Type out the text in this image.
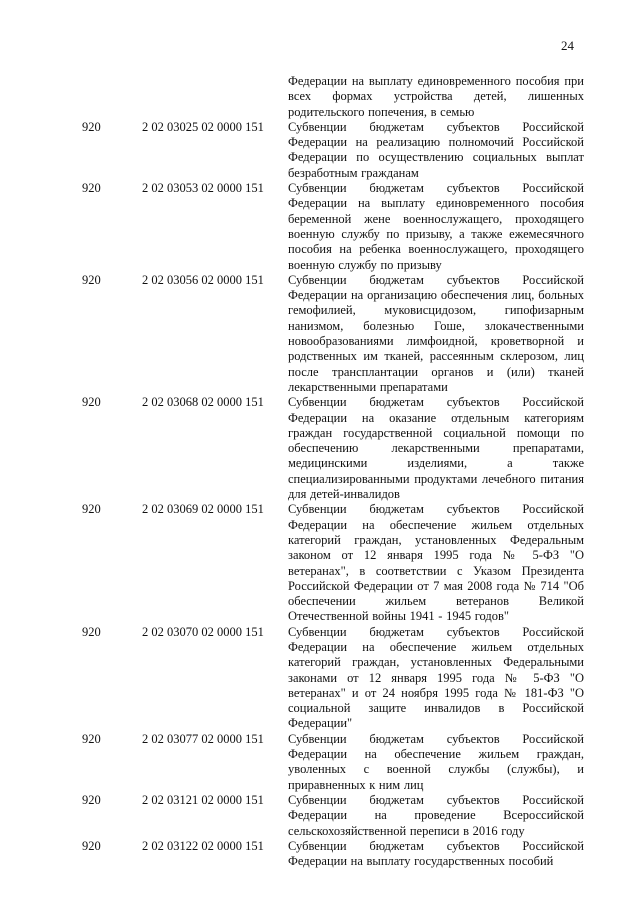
24
Федерации на выплату единовременного пособия при всех формах устройства детей, лишенных родительского попечения, в семью
920	2 02 03025 02 0000 151	Субвенции бюджетам субъектов Российской Федерации на реализацию полномочий Российской Федерации по осуществлению социальных выплат безработным гражданам
920	2 02 03053 02 0000 151	Субвенции бюджетам субъектов Российской Федерации на выплату единовременного пособия беременной жене военнослужащего, проходящего военную службу по призыву, а также ежемесячного пособия на ребенка военнослужащего, проходящего военную службу по призыву
920	2 02 03056 02 0000 151	Субвенции бюджетам субъектов Российской Федерации на организацию обеспечения лиц, больных гемофилией, муковисцидозом, гипофизарным нанизмом, болезнью Гоше, злокачественными новообразованиями лимфоидной, кроветворной и родственных им тканей, рассеянным склерозом, лиц после трансплантации органов и (или) тканей лекарственными препаратами
920	2 02 03068 02 0000 151	Субвенции бюджетам субъектов Российской Федерации на оказание отдельным категориям граждан государственной социальной помощи по обеспечению лекарственными препаратами, медицинскими изделиями, а также специализированными продуктами лечебного питания для детей-инвалидов
920	2 02 03069 02 0000 151	Субвенции бюджетам субъектов Российской Федерации на обеспечение жильем отдельных категорий граждан, установленных Федеральным законом от 12 января 1995 года № 5-ФЗ "О ветеранах", в соответствии с Указом Президента Российской Федерации от 7 мая 2008 года № 714 "Об обеспечении жильем ветеранов Великой Отечественной войны 1941 - 1945 годов"
920	2 02 03070 02 0000 151	Субвенции бюджетам субъектов Российской Федерации на обеспечение жильем отдельных категорий граждан, установленных Федеральными законами от 12 января 1995 года № 5-ФЗ "О ветеранах" и от 24 ноября 1995 года № 181-ФЗ "О социальной защите инвалидов в Российской Федерации"
920	2 02 03077 02 0000 151	Субвенции бюджетам субъектов Российской Федерации на обеспечение жильем граждан, уволенных с военной службы (службы), и приравненных к ним лиц
920	2 02 03121 02 0000 151	Субвенции бюджетам субъектов Российской Федерации на проведение Всероссийской сельскохозяйственной переписи в 2016 году
920	2 02 03122 02 0000 151	Субвенции бюджетам субъектов Российской Федерации на выплату государственных пособий
